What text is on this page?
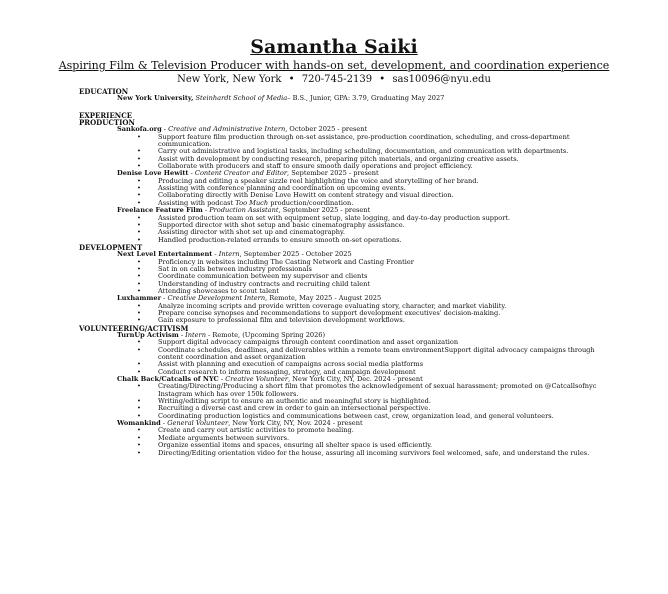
Samantha Saiki
Aspiring Film & Television Producer with hands-on set, development, and coordination experience
New York, New York • 720-745-2139 • sas10096@nyu.edu
EDUCATION
New York University, Steinhardt School of Media– B.S., Junior, GPA: 3.79, Graduating May 2027
EXPERIENCE
PRODUCTION
Sankofa.org - Creative and Administrative Intern, October 2025 - present
• Support feature film production through on-set assistance, pre-production coordination, scheduling, and cross-department communication.
• Carry out administrative and logistical tasks, including scheduling, documentation, and communication with departments.
• Assist with development by conducting research, preparing pitch materials, and organizing creative assets.
• Collaborate with producers and staff to ensure smooth daily operations and project efficiency.
Denise Love Hewitt - Content Creator and Editor, September 2025 - present
• Producing and editing a speaker sizzle reel highlighting the voice and storytelling of her brand.
• Assisting with conference planning and coordination on upcoming events.
• Collaborating directly with Denise Love Hewitt on content strategy and visual direction.
• Assisting with podcast Too Much production/coordination.
Freelance Feature Film - Production Assistant, September 2025 - present
• Assisted production team on set with equipment setup, slate logging, and day-to-day production support.
• Supported director with shot setup and basic cinematography assistance.
• Assisting director with shot set up and cinematography.
• Handled production-related errands to ensure smooth on-set operations.
DEVELOPMENT
Next Level Entertainment - Intern, September 2025 - October 2025
• Proficiency in websites including The Casting Network and Casting Frontier
• Sat in on calls between industry professionals
• Coordinate communication between my supervisor and clients
• Understanding of industry contracts and recruiting child talent
• Attending showcases to scout talent
Luxhammer - Creative Development Intern, Remote, May 2025 - August 2025
• Analyze incoming scripts and provide written coverage evaluating story, character, and market viability.
• Prepare concise synopses and recommendations to support development executives' decision-making.
• Gain exposure to professional film and television development workflows.
VOLUNTEERING/ACTIVISM
TurnUp Activism - Intern - Remote, (Upcoming Spring 2026)
• Support digital advocacy campaigns through content coordination and asset organization
• Coordinate schedules, deadlines, and deliverables within a remote team environmentSupport digital advocacy campaigns through content coordination and asset organization
• Assist with planning and execution of campaigns across social media platforms
• Conduct research to inform messaging, strategy, and campaign development
Chalk Back/Catcalls of NYC - Creative Volunteer, New York City, NY, Dec. 2024 - present
• Creating/Directing/Producing a short film that promotes the acknowledgement of sexual harassment; promoted on @Catcallsofnyc Instagram which has over 150k followers.
• Writing/editing script to ensure an authentic and meaningful story is highlighted.
• Recruiting a diverse cast and crew in order to gain an intersectional perspective.
• Coordinating production logistics and communications between cast, crew, organization lead, and general volunteers.
Womankind - General Volunteer, New York City, NY, Nov. 2024 - present
• Create and carry out artistic activities to promote healing.
• Mediate arguments between survivors.
• Organize essential items and spaces, ensuring all shelter space is used efficiently.
• Directing/Editing orientation video for the house, assuring all incoming survivors feel welcomed, safe, and understand the rules.
